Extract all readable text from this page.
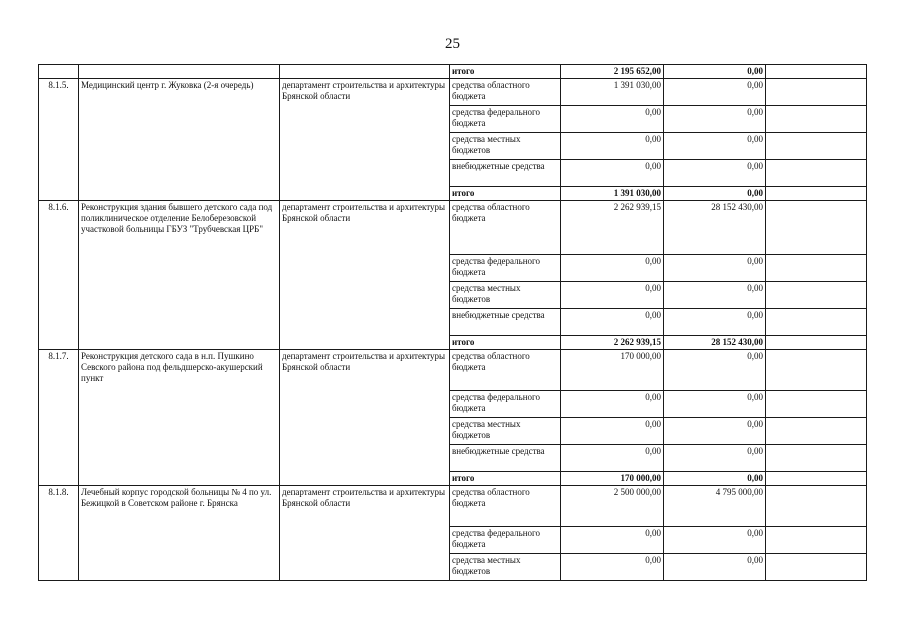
25
			итого	2 195 652,00	0,00	
8.1.5.	Медицинский центр г. Жуковка (2-я очередь)	департамент строительства и архитектуры Брянской области	средства областного бюджета	1 391 030,00	0,00	
			средства федерального бюджета	0,00	0,00	
			средства местных бюджетов	0,00	0,00	
			внебюджетные средства	0,00	0,00	
			итого	1 391 030,00	0,00	
8.1.6.	Реконструкция здания бывшего детского сада под поликлиническое отделение Белоберезовской участковой больницы ГБУЗ "Трубчевская ЦРБ"	департамент строительства и архитектуры Брянской области	средства областного бюджета	2 262 939,15	28 152 430,00	
			средства федерального бюджета	0,00	0,00	
			средства местных бюджетов	0,00	0,00	
			внебюджетные средства	0,00	0,00	
			итого	2 262 939,15	28 152 430,00	
8.1.7.	Реконструкция детского сада в н.п. Пушкино Севского района под фельдшерско-акушерский пункт	департамент строительства и архитектуры Брянской области	средства областного бюджета	170 000,00	0,00	
			средства федерального бюджета	0,00	0,00	
			средства местных бюджетов	0,00	0,00	
			внебюджетные средства	0,00	0,00	
			итого	170 000,00	0,00	
8.1.8.	Лечебный корпус городской больницы № 4 по ул. Бежицкой в Советском районе г. Брянска	департамент строительства и архитектуры Брянской области	средства областного бюджета	2 500 000,00	4 795 000,00	
			средства федерального бюджета	0,00	0,00	
			средства местных бюджетов	0,00	0,00	
